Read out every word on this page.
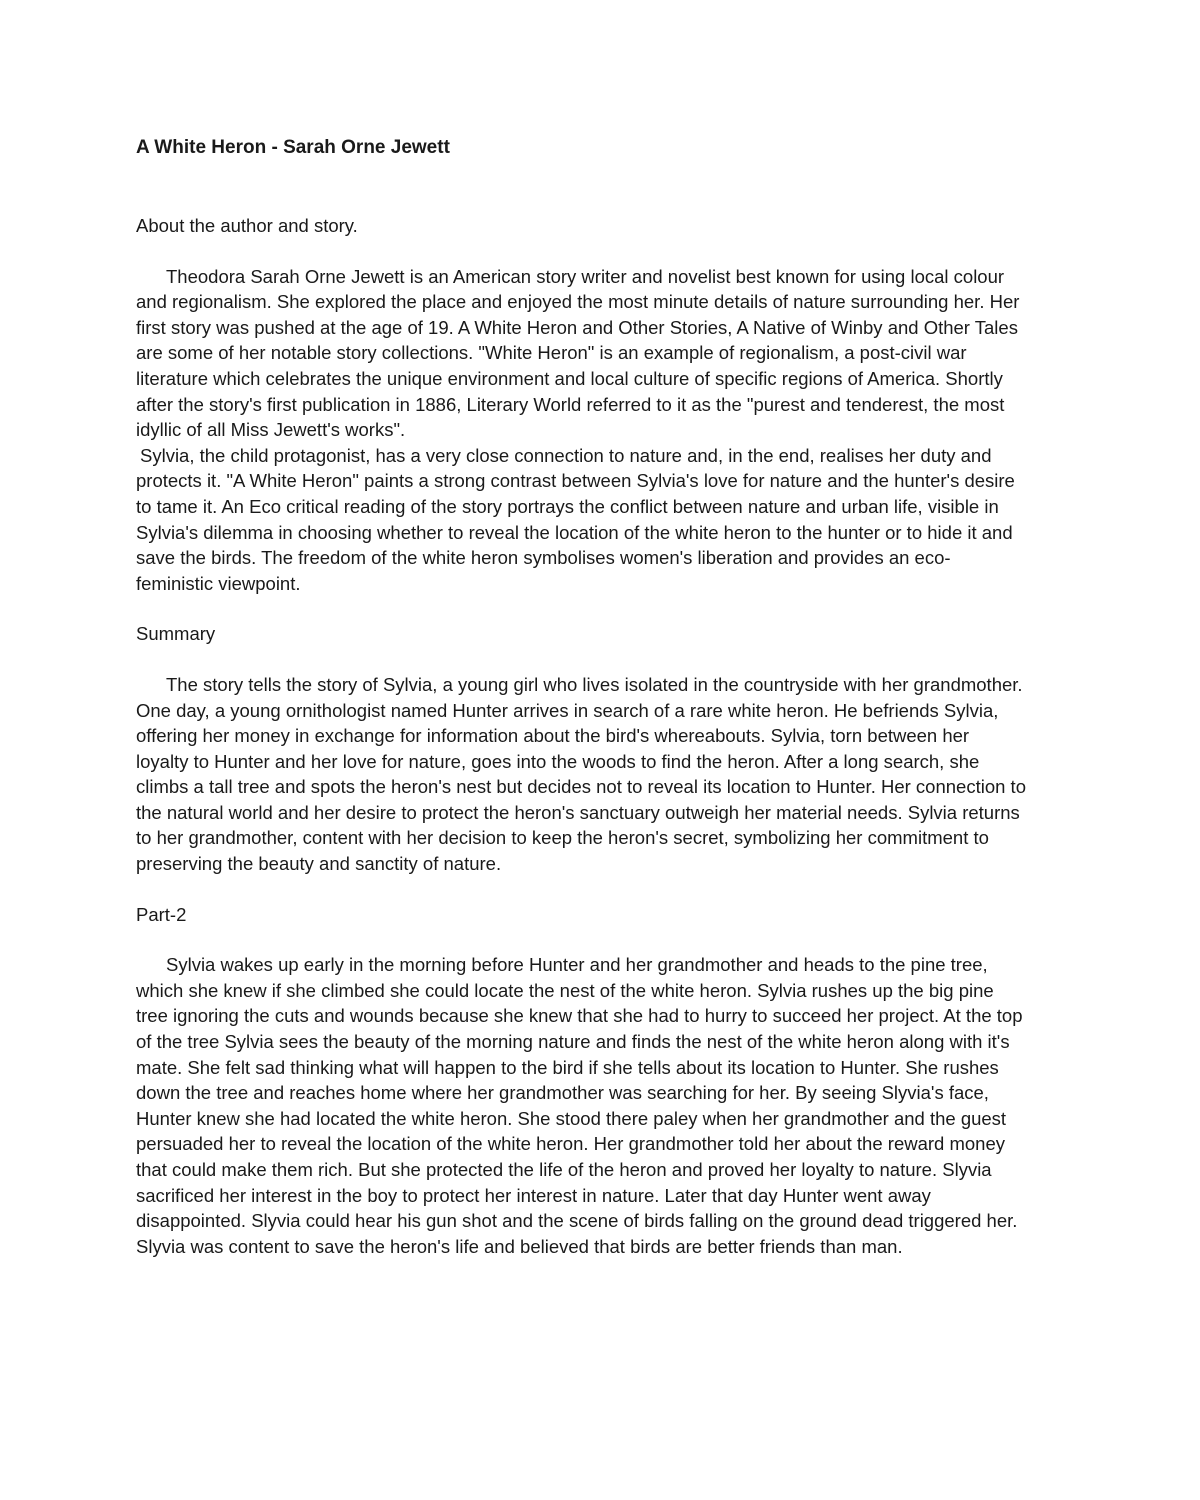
A White Heron - Sarah Orne Jewett

About the author and story.

Theodora Sarah Orne Jewett is an American story writer and novelist best known for using local colour and regionalism. She explored the place and enjoyed the most minute details of nature surrounding her. Her first story was pushed at the age of 19. A White Heron and Other Stories, A Native of Winby and Other Tales are some of her notable story collections. "White Heron" is an example of regionalism, a post-civil war literature which celebrates the unique environment and local culture of specific regions of America. Shortly after the story's first publication in 1886, Literary World referred to it as the "purest and tenderest, the most idyllic of all Miss Jewett's works".

Sylvia, the child protagonist, has a very close connection to nature and, in the end, realises her duty and protects it. "A White Heron" paints a strong contrast between Sylvia's love for nature and the hunter's desire to tame it. An Eco critical reading of the story portrays the conflict between nature and urban life, visible in Sylvia's dilemma in choosing whether to reveal the location of the white heron to the hunter or to hide it and save the birds. The freedom of the white heron symbolises women's liberation and provides an eco-feministic viewpoint.

Summary

The story tells the story of Sylvia, a young girl who lives isolated in the countryside with her grandmother. One day, a young ornithologist named Hunter arrives in search of a rare white heron. He befriends Sylvia, offering her money in exchange for information about the bird's whereabouts. Sylvia, torn between her loyalty to Hunter and her love for nature, goes into the woods to find the heron. After a long search, she climbs a tall tree and spots the heron's nest but decides not to reveal its location to Hunter. Her connection to the natural world and her desire to protect the heron's sanctuary outweigh her material needs. Sylvia returns to her grandmother, content with her decision to keep the heron's secret, symbolizing her commitment to preserving the beauty and sanctity of nature.

Part-2

Sylvia wakes up early in the morning before Hunter and her grandmother and heads to the pine tree, which she knew if she climbed she could locate the nest of the white heron. Sylvia rushes up the big pine tree ignoring the cuts and wounds because she knew that she had to hurry to succeed her project. At the top of the tree Sylvia sees the beauty of the morning nature and finds the nest of the white heron along with it's mate. She felt sad thinking what will happen to the bird if she tells about its location to Hunter. She rushes down the tree and reaches home where her grandmother was searching for her. By seeing Slyvia's face, Hunter knew she had located the white heron. She stood there paley when her grandmother and the guest persuaded her to reveal the location of the white heron. Her grandmother told her about the reward money that could make them rich. But she protected the life of the heron and proved her loyalty to nature. Slyvia sacrificed her interest in the boy to protect her interest in nature. Later that day Hunter went away disappointed. Slyvia could hear his gun shot and the scene of birds falling on the ground dead triggered her. Slyvia was content to save the heron's life and believed that birds are better friends than man.
